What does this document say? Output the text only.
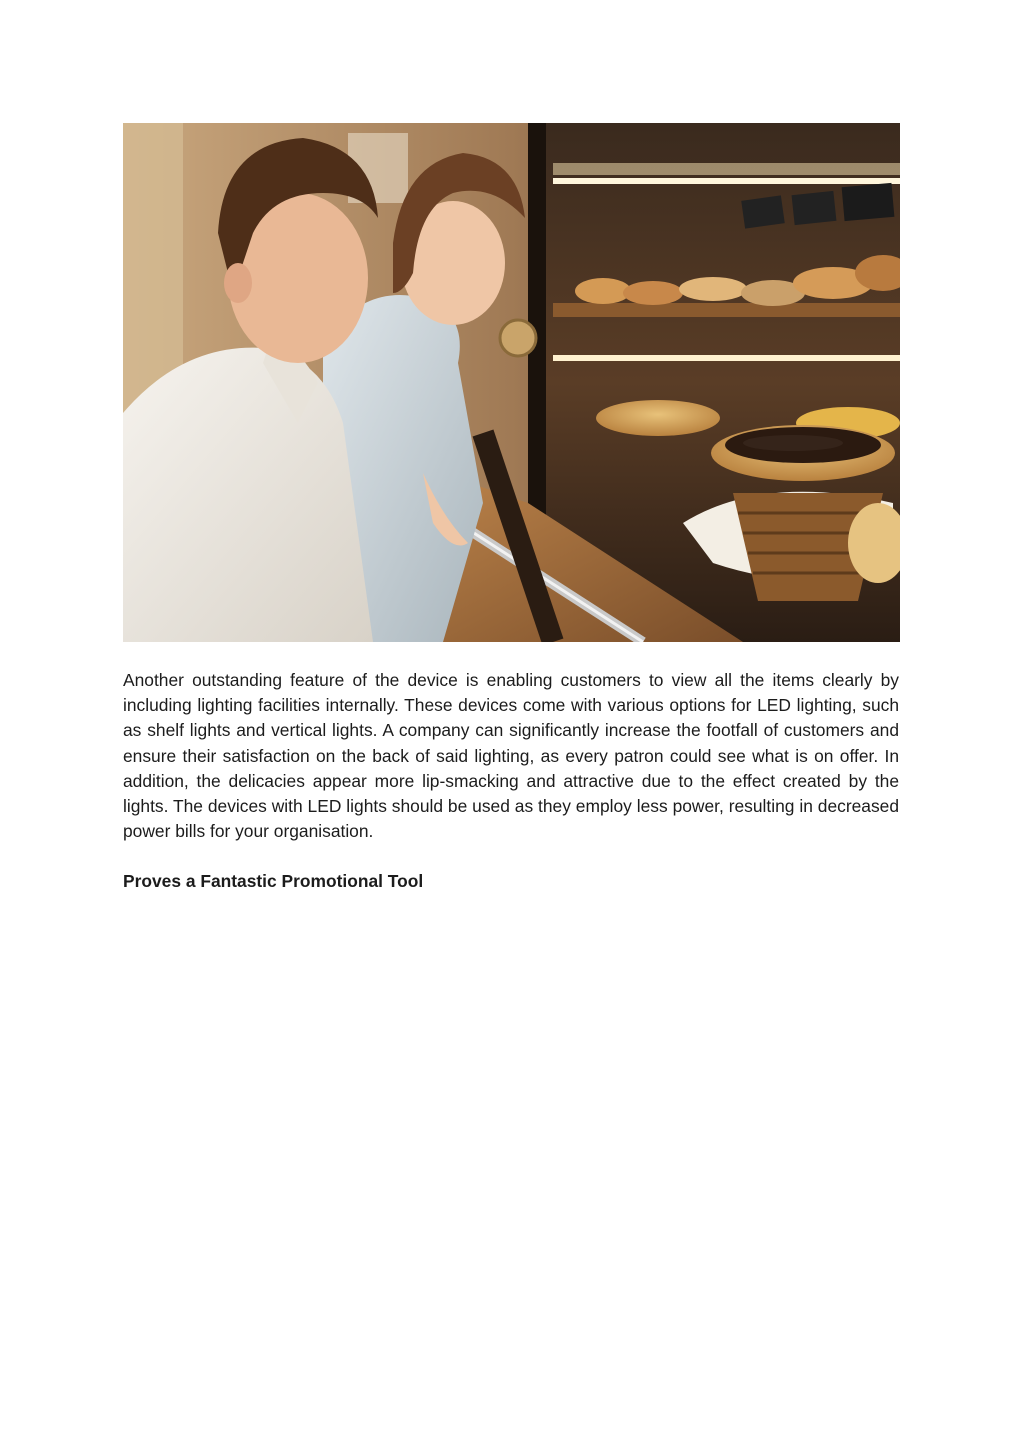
Another outstanding feature of the device is enabling customers to view all the items clearly by including lighting facilities internally. These devices come with various options for LED lighting, such as shelf lights and vertical lights. A company can significantly increase the footfall of customers and ensure their satisfaction on the back of said lighting, as every patron could see what is on offer. In addition, the delicacies appear more lip-smacking and attractive due to the effect created by the lights. The devices with LED lights should be used as they employ less power, resulting in decreased power bills for your organisation.

Proves a Fantastic Promotional Tool
